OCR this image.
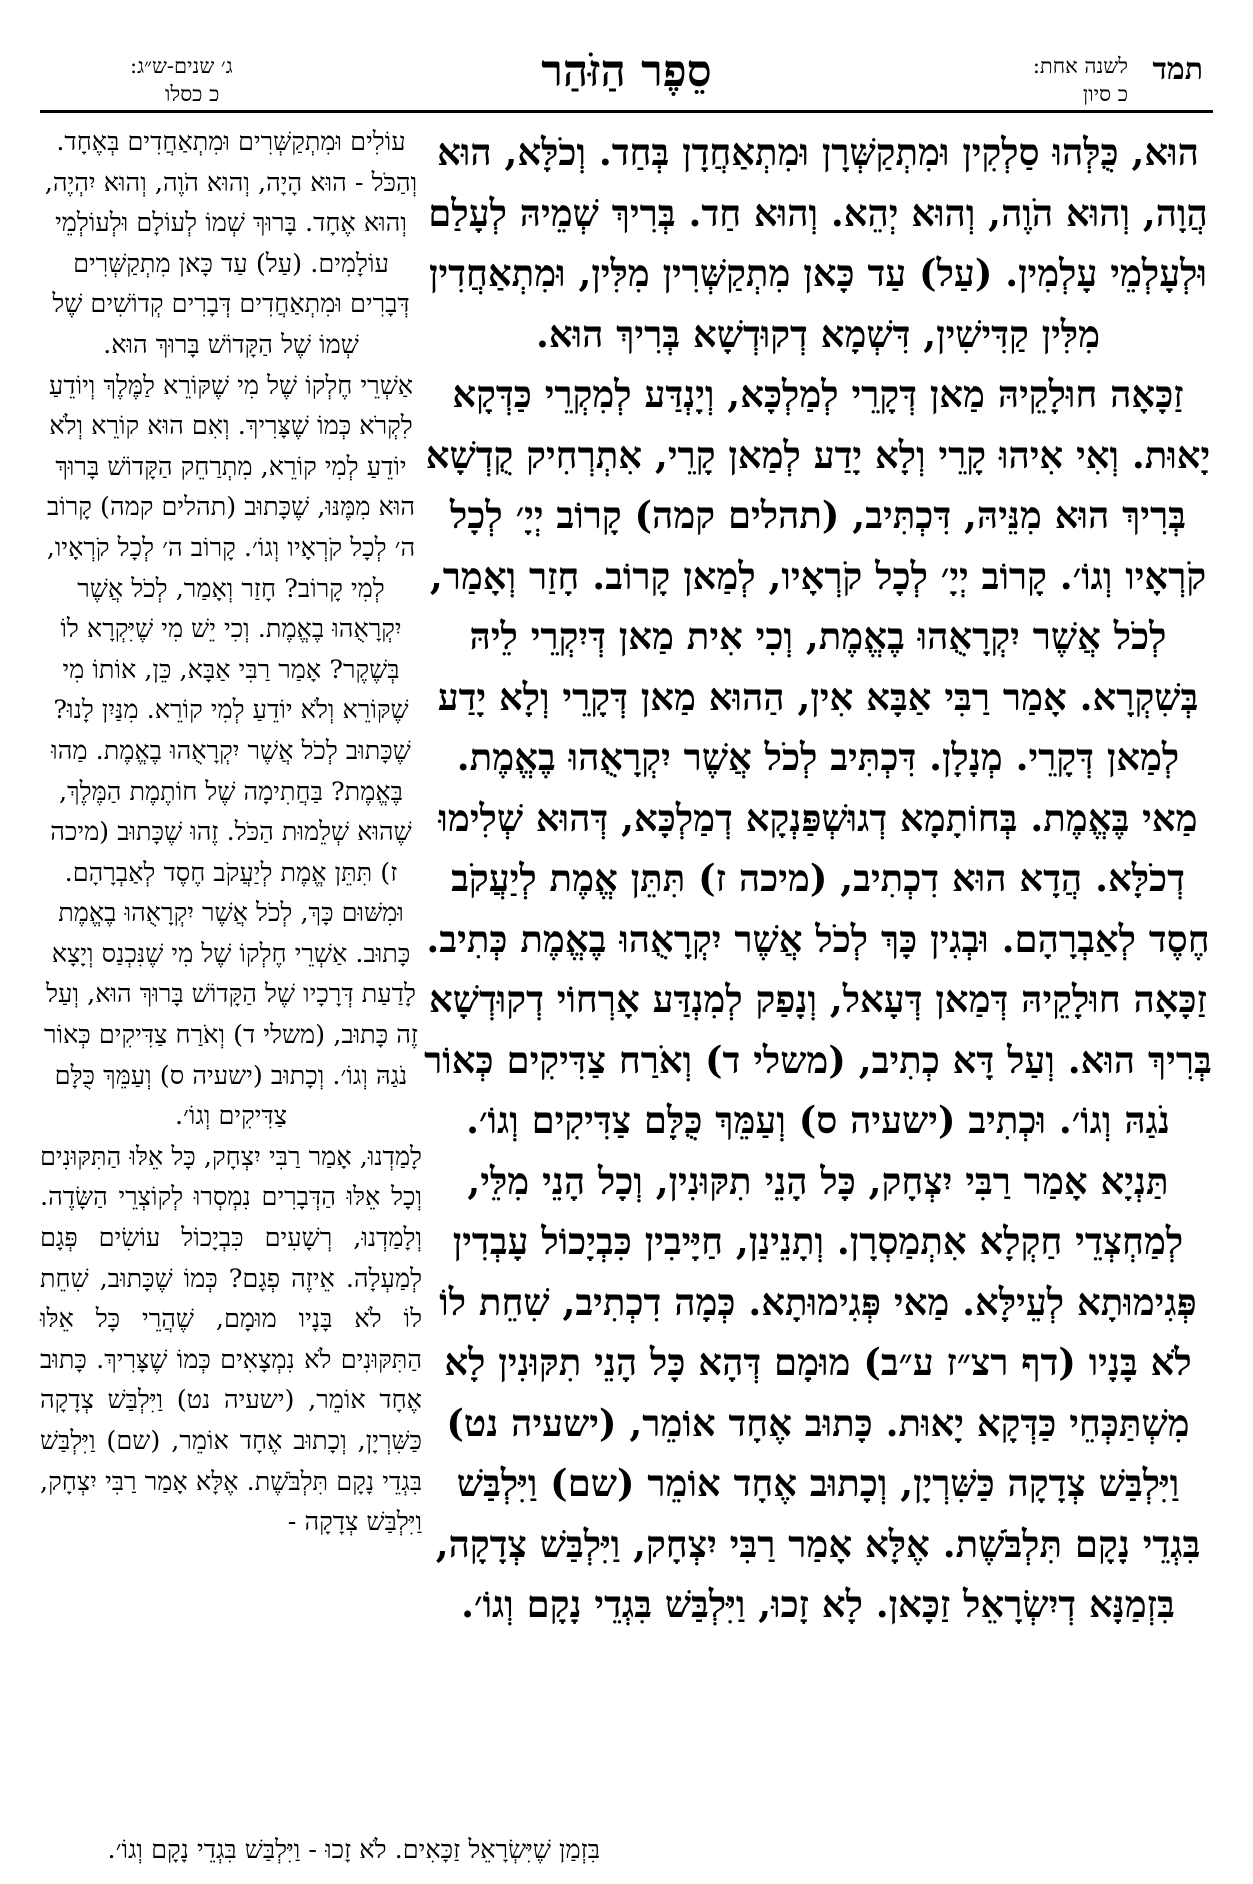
תמד
לשנה אחת:
כ סיון
סֵפֶר הַזֹּהַר
ג׳ שנים-ש״ג:
כ כסלו

הוּא, כֻּלְּהוּ סַלְקִין וּמִתְקַשְּׁרָן וּמִתְאַחֲדָן בְּחַד. וְכֹלָּא, הוּא הֲוָה, וְהוּא הֹוֶה, וְהוּא יְהֵא. וְהוּא חַד. בְּרִיךְ שְׁמֵיהּ לְעָלַם וּלְעָלְמֵי עָלְמִין. (עַל) עַד כָּאן מִתְקַשְּׁרִין מִלִּין, וּמִתְאַחֲדִין מִלִּין קַדִּישִׁין, דִּשְׁמָא דְקוּדְשָׁא בְּרִיךְ הוּא.

זַכָּאָה חוּלָקֵיהּ מַאן דְּקָרֵי לְמַלְכָּא, וְיָנְדַּע לְמִקְרֵי כַּדְּקָא יָאוּת. וְאִי אִיהוּ קָרֵי וְלָא יָדַע לְמַאן קָרֵי, אִתְרְחִיק קֻדְשָׁא בְּרִיךְ הוּא מִנֵּיהּ, דִּכְתִּיב, (תהלים קמה) קָרוֹב יְיָ׳ לְכָל קֹרְאָיו וְגוֹ׳. קָרוֹב יְיָ׳ לְכָל קֹרְאָיו, לְמַאן קָרוֹב. חָזַר וְאָמַר, לְכֹל אֲשֶׁר יִקְרָאֻהוּ בֶאֱמֶת, וְכִי אִית מַאן דְּיִקְרֵי לֵיהּ בְּשִׁקְרָא. אָמַר רַבִּי אַבָּא אִין, הַהוּא מַאן דְּקָרֵי וְלָא יָדַע לְמַאן דְּקָרֵי. מְנָלָן. דִּכְתִּיב לְכֹל אֲשֶׁר יִקְרָאֻהוּ בֶאֱמֶת. מַאי בֶּאֱמֶת. בְּחוֹתָמָא דְגוּשְׁפַּנְקָא דְמַלְכָּא, דְּהוּא שְׁלִימוּ דְכֹלָּא. הֲדָא הוּא דִכְתִיב, (מיכה ז) תִּתֵּן אֱמֶת לְיַעֲקֹב חֶסֶד לְאַבְרָהָם. וּבְגִין כָּךְ לְכֹל אֲשֶׁר יִקְרָאֻהוּ בֶאֱמֶת כְּתִיב. זַכָּאָה חוּלָקֵיהּ דְּמַאן דְּעָאל, וְנָפַק לְמִנְדַּע אָרְחוֹי דְקוּדְשָׁא בְּרִיךְ הוּא. וְעַל דָּא כְתִיב, (משלי ד) וְאֹרַח צַדִּיקִים כְּאוֹר נֹגַהּ וְגוֹ׳. וּכְתִיב (ישעיה ס) וְעַמֵּךְ כֻּלָּם צַדִּיקִים וְגוֹ׳.

תַּנְיָא אָמַר רַבִּי יִצְחָק, כָּל הָנֵי תִקּוּנִין, וְכָל הָנֵי מִלֵּי, לְמַחְצְדֵי חַקְלָא אִתְמַסְרָן. וְתָנֵינַן, חַיָּיבִין כִּבְיָכוֹל עָבְדִין פְּגִימוּתָא לְעֵילָּא. מַאי פְּגִימוּתָא. כְּמָה דִכְתִיב, שִׁחֵת לוֹ לֹא בָּנָיו (דף רצ״ז ע״ב) מוּמָם דְּהָא כָּל הָנֵי תִקּוּנִין לָא מִשְׁתַּכְּחֵי כַּדְּקָא יָאוּת. כָּתוּב אֶחָד אוֹמֵר, (ישעיה נט) וַיִּלְבַּשׁ צְדָקָה כַּשִּׁרְיָן, וְכָתוּב אֶחָד אוֹמֵר (שם) וַיִּלְבַּשׁ בִּגְדֵי נָקָם תִּלְבֹּשֶׁת. אֶלָּא אָמַר רַבִּי יִצְחָק, וַיִּלְבַּשׁ צְדָקָה, בִּזְמַנָּא דְיִשְׂרָאֵל זַכָּאן. לָא זָכוּ, וַיִּלְבַּשׁ בִּגְדֵי נָקָם וְגוֹ׳.

עוֹלִים וּמִתְקַשְּׁרִים וּמִתְאַחֲדִים בְּאֶחָד. וְהַכֹּל - הוּא הָיָה, וְהוּא הֹוֶה, וְהוּא יִהְיֶה, וְהוּא אֶחָד. בָּרוּךְ שְׁמוֹ לְעוֹלָם וּלְעוֹלְמֵי עוֹלָמִים. (עַל) עַד כָּאן מִתְקַשְּׁרִים דְּבָרִים וּמִתְאַחֲדִים דְּבָרִים קְדוֹשִׁים שֶׁל שְׁמוֹ שֶׁל הַקָּדוֹשׁ בָּרוּךְ הוּא.

אַשְׁרֵי חֶלְקוֹ שֶׁל מִי שֶׁקּוֹרֵא לַמֶּלֶךְ וְיוֹדֵעַ לִקְרֹא כְּמוֹ שֶׁצָּרִיךְ. וְאִם הוּא קוֹרֵא וְלֹא יוֹדֵעַ לְמִי קוֹרֵא, מִתְרַחֵק הַקָּדוֹשׁ בָּרוּךְ הוּא מִמֶּנּוּ, שֶׁכָּתוּב (תהלים קמה) קָרוֹב ה׳ לְכָל קֹרְאָיו וְגוֹ׳. קָרוֹב ה׳ לְכָל קֹרְאָיו, לְמִי קָרוֹב? חָזַר וְאָמַר, לְכֹל אֲשֶׁר יִקְרָאֻהוּ בֶאֱמֶת. וְכִי יֵשׁ מִי שֶׁיִּקְרָא לוֹ בְּשֶׁקֶר? אָמַר רַבִּי אַבָּא, כֵּן, אוֹתוֹ מִי שֶׁקּוֹרֵא וְלֹא יוֹדֵעַ לְמִי קוֹרֵא. מִנַּיִן לָנוּ? שֶׁכָּתוּב לְכֹל אֲשֶׁר יִקְרָאֻהוּ בֶאֱמֶת. מַהוּ בֶּאֱמֶת? בַּחֲתִימָה שֶׁל חוֹתֶמֶת הַמֶּלֶךְ, שֶׁהוּא שְׁלֵמוּת הַכֹּל. זֶהוּ שֶׁכָּתוּב (מיכה ז) תִּתֵּן אֱמֶת לְיַעֲקֹב חֶסֶד לְאַבְרָהָם. וּמִשּׁוּם כָּךְ, לְכֹל אֲשֶׁר יִקְרָאֻהוּ בֶאֱמֶת כָּתוּב. אַשְׁרֵי חֶלְקוֹ שֶׁל מִי שֶׁנִּכְנַס וְיָצָא לָדַעַת דְּרָכָיו שֶׁל הַקָּדוֹשׁ בָּרוּךְ הוּא, וְעַל זֶה כָּתוּב, (משלי ד) וְאֹרַח צַדִּיקִים כְּאוֹר נֹגַהּ וְגוֹ׳. וְכָתוּב (ישעיה ס) וְעַמֵּךְ כֻּלָּם צַדִּיקִים וְגוֹ׳.

לָמַדְנוּ, אָמַר רַבִּי יִצְחָק, כָּל אֵלּוּ הַתִּקּוּנִים וְכָל אֵלּוּ הַדְּבָרִים נִמְסְרוּ לְקוֹצְרֵי הַשָּׂדֶה. וְלָמַדְנוּ, רְשָׁעִים כִּבְיָכוֹל עוֹשִׂים פְּגָם לְמַעְלָה. אֵיזֶה פְגָם? כְּמוֹ שֶׁכָּתוּב, שִׁחֵת לוֹ לֹא בָּנָיו מוּמָם, שֶׁהֲרֵי כָּל אֵלּוּ הַתִּקּוּנִים לֹא נִמְצָאִים כְּמוֹ שֶׁצָּרִיךְ. כָּתוּב אֶחָד אוֹמֵר, (ישעיה נט) וַיִּלְבַּשׁ צְדָקָה כַּשִּׁרְיָן, וְכָתוּב אֶחָד אוֹמֵר, (שם) וַיִּלְבַּשׁ בִּגְדֵי נָקָם תִּלְבֹּשֶׁת. אֶלָּא אָמַר רַבִּי יִצְחָק, וַיִּלְבַּשׁ צְדָקָה -

בִּזְמַן שֶׁיִּשְׂרָאֵל זַכָּאִים. לֹא זָכוּ - וַיִּלְבַּשׁ בִּגְדֵי נָקָם וְגוֹ׳.
